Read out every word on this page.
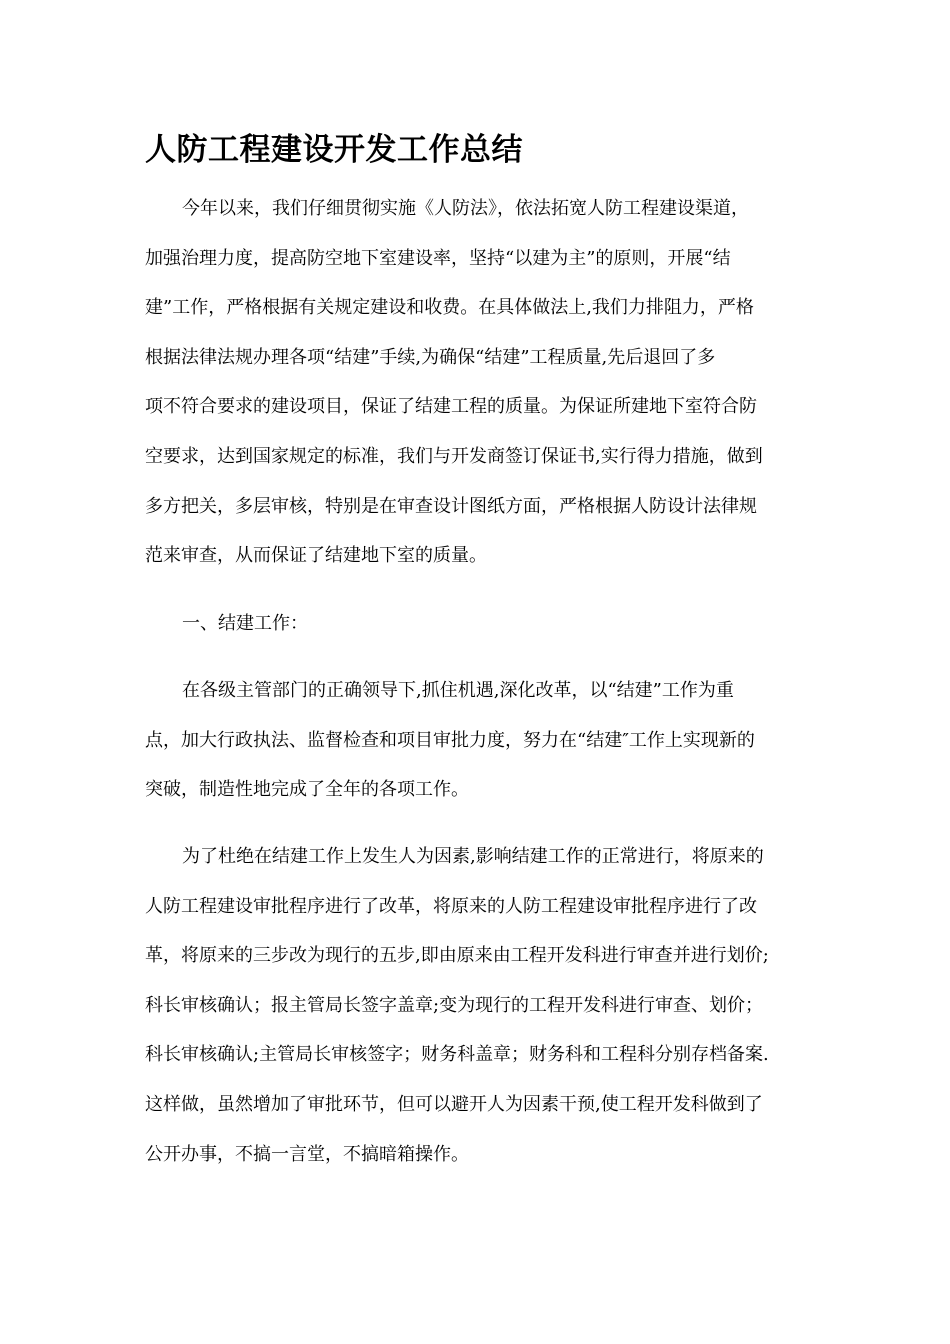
人防工程建设开发工作总结
今年以来，我们仔细贯彻实施《人防法》，依法拓宽人防工程建设渠道，
加强治理力度，提高防空地下室建设率，坚持“以建为主”的原则，开展“结
建”工作，严格根据有关规定建设和收费。在具体做法上,我们力排阻力，严格
根据法律法规办理各项“结建”手续,为确保“结建”工程质量,先后退回了多
项不符合要求的建设项目，保证了结建工程的质量。为保证所建地下室符合防
空要求，达到国家规定的标准，我们与开发商签订保证书,实行得力措施，做到
多方把关，多层审核，特别是在审查设计图纸方面，严格根据人防设计法律规
范来审查，从而保证了结建地下室的质量。
一、结建工作：
在各级主管部门的正确领导下,抓住机遇,深化改革，以“结建”工作为重
点，加大行政执法、监督检查和项目审批力度，努力在“结建″工作上实现新的
突破，制造性地完成了全年的各项工作。
为了杜绝在结建工作上发生人为因素,影响结建工作的正常进行，将原来的
人防工程建设审批程序进行了改革，将原来的人防工程建设审批程序进行了改
革，将原来的三步改为现行的五步,即由原来由工程开发科进行审查并进行划价;
科长审核确认；报主管局长签字盖章;变为现行的工程开发科进行审查、划价；
科长审核确认;主管局长审核签字；财务科盖章；财务科和工程科分别存档备案.
这样做，虽然增加了审批环节，但可以避开人为因素干预,使工程开发科做到了
公开办事，不搞一言堂，不搞暗箱操作。
